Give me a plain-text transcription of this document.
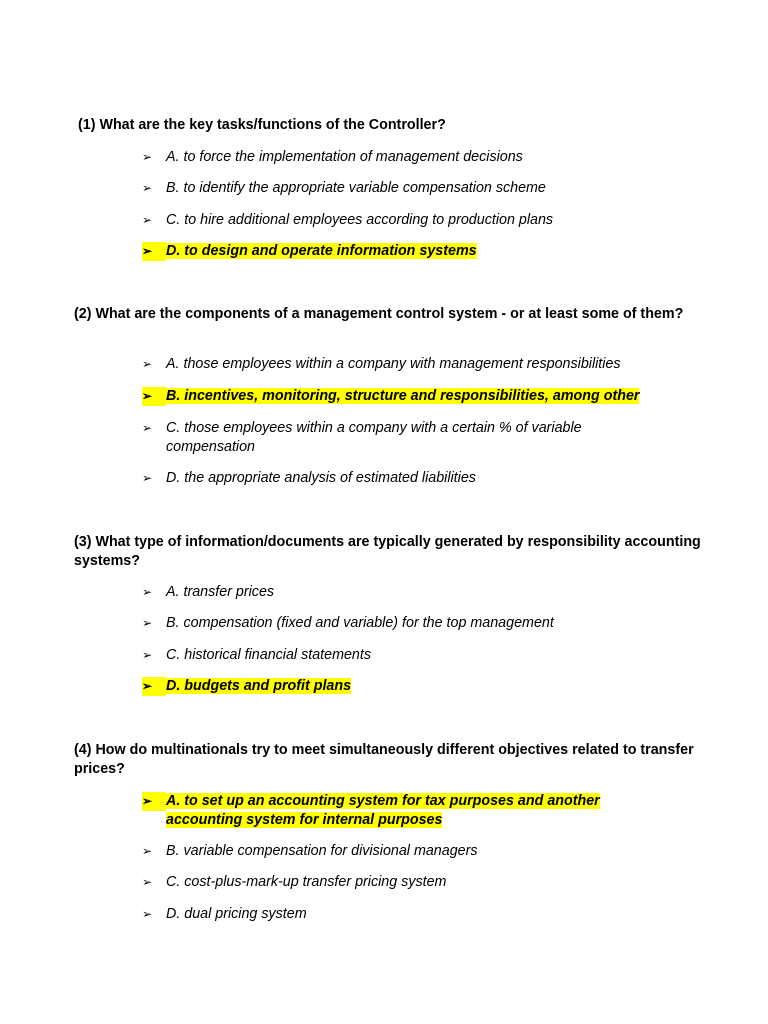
(1) What are the key tasks/functions of the Controller?
➢ A. to force the implementation of management decisions
➢ B. to identify the appropriate variable compensation scheme
➢ C. to hire additional employees according to production plans
➢ D. to design and operate information systems
(2) What are the components of a management control system - or at least some of them?
➢ A. those employees within a company with management responsibilities
➢ B. incentives, monitoring, structure and responsibilities, among other
➢ C. those employees within a company with a certain % of variable compensation
➢ D. the appropriate analysis of estimated liabilities
(3) What type of information/documents are typically generated by responsibility accounting systems?
➢ A. transfer prices
➢ B. compensation (fixed and variable) for the top management
➢ C. historical financial statements
➢ D. budgets and profit plans
(4) How do multinationals try to meet simultaneously different objectives related to transfer prices?
➢ A. to set up an accounting system for tax purposes and another accounting system for internal purposes
➢ B. variable compensation for divisional managers
➢ C. cost-plus-mark-up transfer pricing system
➢ D. dual pricing system
